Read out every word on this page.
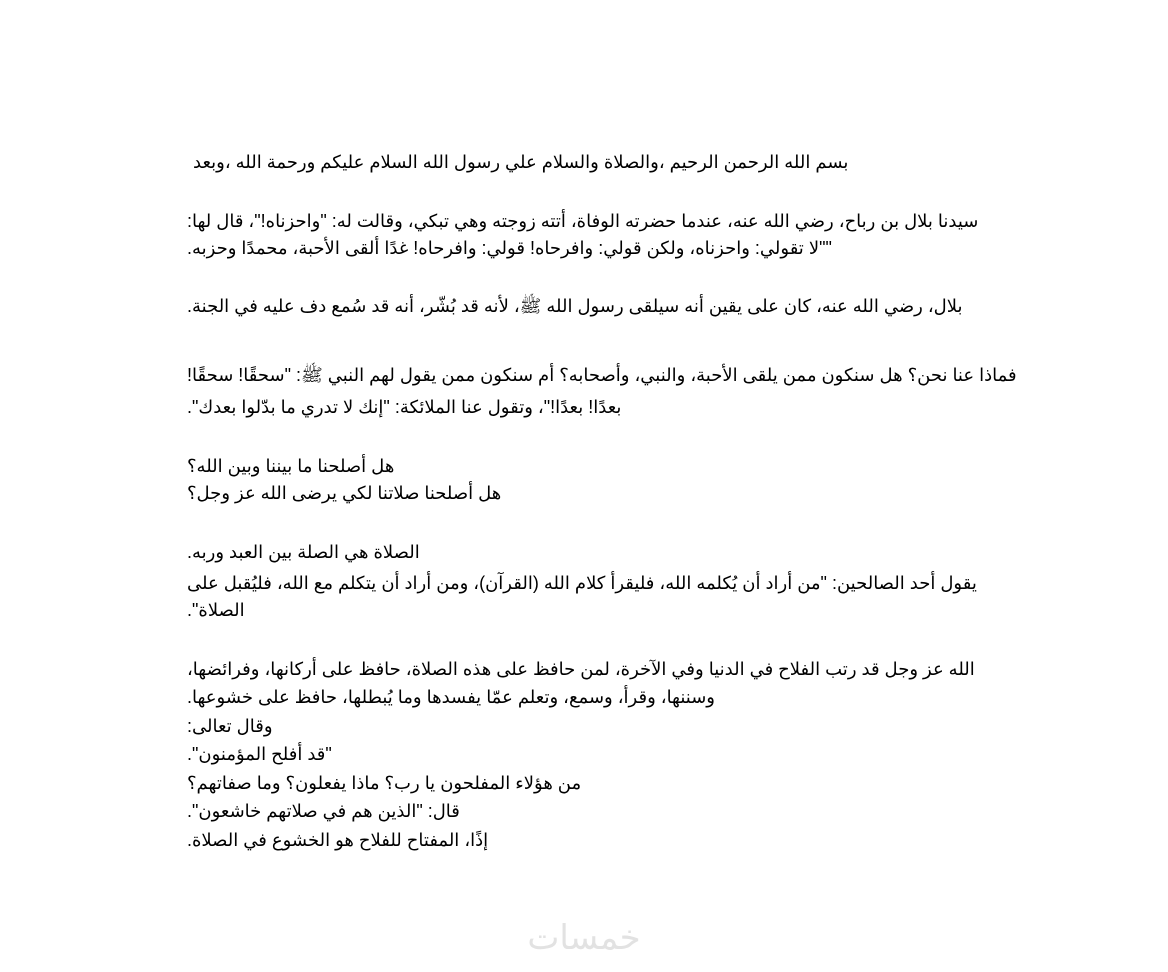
بسم الله الرحمن الرحيم ،والصلاة والسلام علي رسول الله السلام عليكم ورحمة الله ،وبعد
سيدنا بلال بن رباح، رضي الله عنه، عندما حضرته الوفاة، أتته زوجته وهي تبكي، وقالت له: "واحزناه!"، قال لها:
""لا تقولي: واحزناه، ولكن قولي: وافرحاه! قولي: وافرحاه! غدًا ألقى الأحبة، محمدًا وحزبه.
بلال، رضي الله عنه، كان على يقين أنه سيلقى رسول الله ﷺ، لأنه قد بُشّر، أنه قد سُمع دف عليه في الجنة.
فماذا عنا نحن؟ هل سنكون ممن يلقى الأحبة، والنبي، وأصحابه؟ أم سنكون ممن يقول لهم النبي ﷺ: "سحقًا! سحقًا!
بعدًا! بعدًا!"، وتقول عنا الملائكة: "إنك لا تدري ما بدّلوا بعدك".
هل أصلحنا ما بيننا وبين الله؟
هل أصلحنا صلاتنا لكي يرضى الله عز وجل؟
الصلاة هي الصلة بين العبد وربه.
يقول أحد الصالحين: "من أراد أن يُكلمه الله، فليقرأ كلام الله (القرآن)، ومن أراد أن يتكلم مع الله، فليُقبل على
الصلاة".
الله عز وجل قد رتب الفلاح في الدنيا وفي الآخرة، لمن حافظ على هذه الصلاة، حافظ على أركانها، وفرائضها،
وسننها، وقرأ، وسمع، وتعلم عمّا يفسدها وما يُبطلها، حافظ على خشوعها.
وقال تعالى:
"قد أفلح المؤمنون".
من هؤلاء المفلحون يا رب؟ ماذا يفعلون؟ وما صفاتهم؟
قال: "الذين هم في صلاتهم خاشعون".
إذًا، المفتاح للفلاح هو الخشوع في الصلاة.
خمسات
